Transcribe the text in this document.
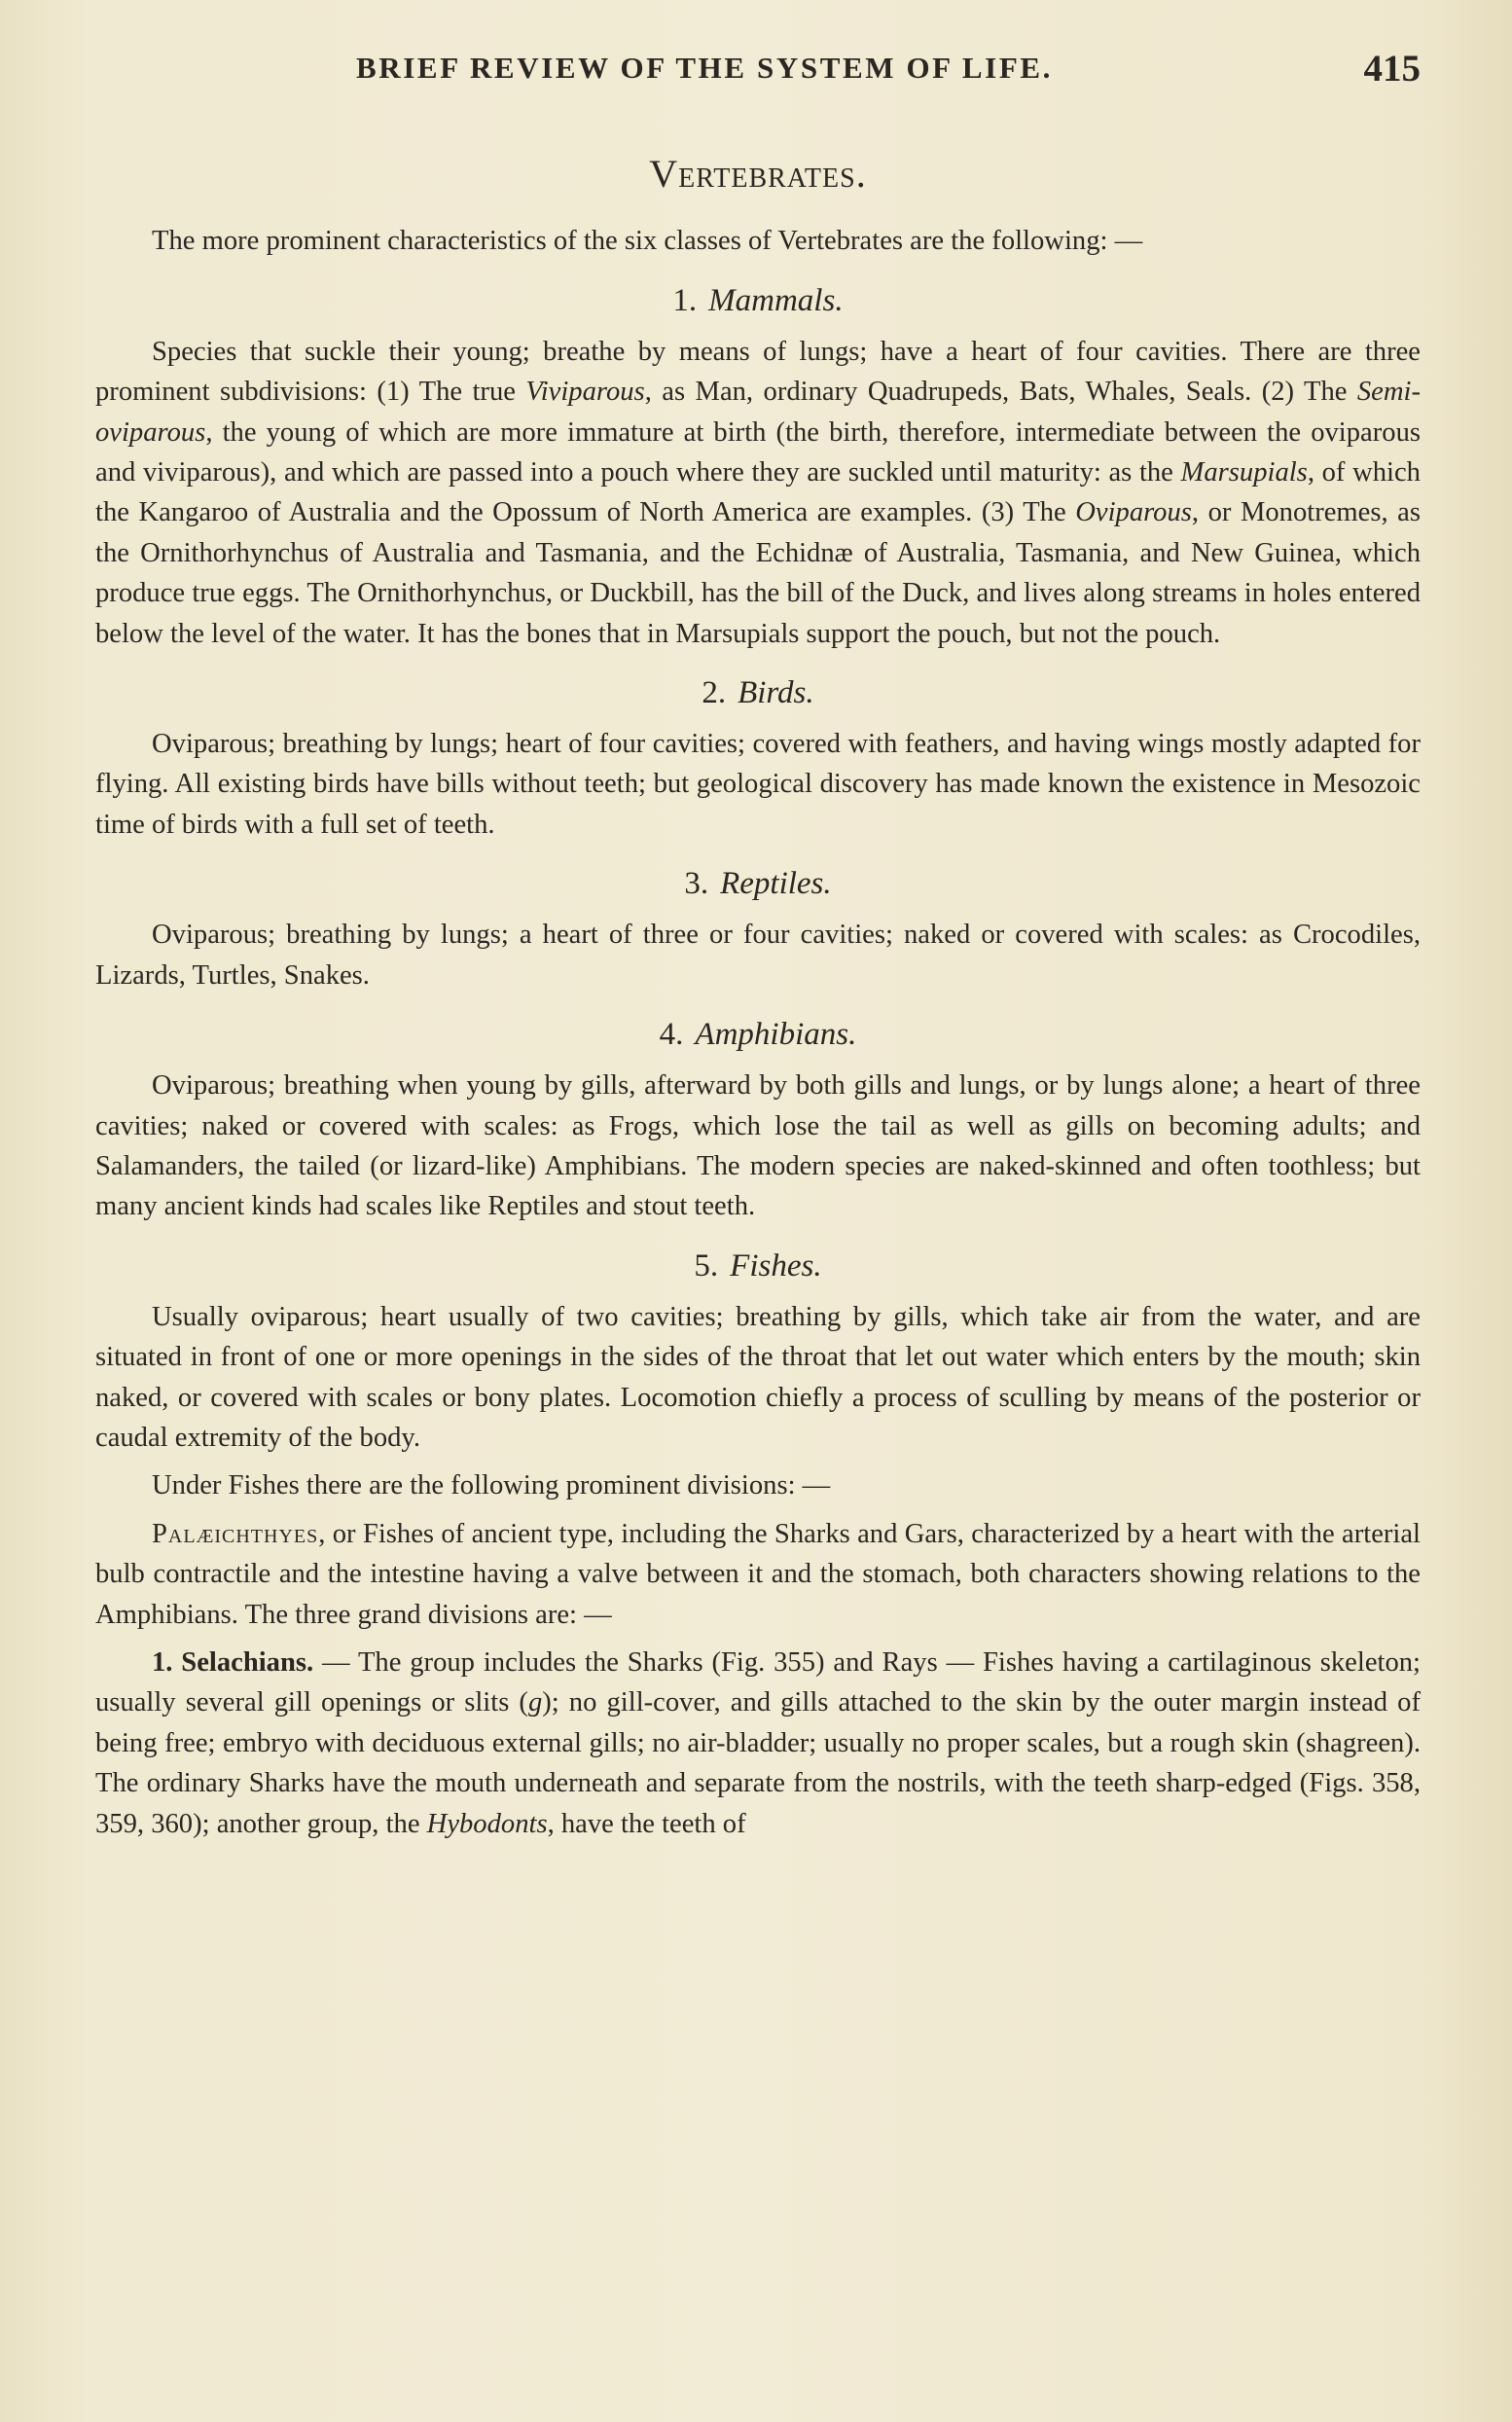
BRIEF REVIEW OF THE SYSTEM OF LIFE.	415
Vertebrates.

The more prominent characteristics of the six classes of Vertebrates are the following: —

1. Mammals.

Species that suckle their young; breathe by means of lungs; have a heart of four cavities. There are three prominent subdivisions: (1) The true Viviparous, as Man, ordinary Quadrupeds, Bats, Whales, Seals. (2) The Semi-oviparous, the young of which are more immature at birth (the birth, therefore, intermediate between the oviparous and viviparous), and which are passed into a pouch where they are suckled until maturity: as the Marsupials, of which the Kangaroo of Australia and the Opossum of North America are examples. (3) The Oviparous, or Monotremes, as the Ornithorhynchus of Australia and Tasmania, and the Echidnæ of Australia, Tasmania, and New Guinea, which produce true eggs. The Ornithorhynchus, or Duckbill, has the bill of the Duck, and lives along streams in holes entered below the level of the water. It has the bones that in Marsupials support the pouch, but not the pouch.

2. Birds.

Oviparous; breathing by lungs; heart of four cavities; covered with feathers, and having wings mostly adapted for flying. All existing birds have bills without teeth; but geological discovery has made known the existence in Mesozoic time of birds with a full set of teeth.

3. Reptiles.

Oviparous; breathing by lungs; a heart of three or four cavities; naked or covered with scales: as Crocodiles, Lizards, Turtles, Snakes.

4. Amphibians.

Oviparous; breathing when young by gills, afterward by both gills and lungs, or by lungs alone; a heart of three cavities; naked or covered with scales: as Frogs, which lose the tail as well as gills on becoming adults; and Salamanders, the tailed (or lizard-like) Amphibians. The modern species are naked-skinned and often toothless; but many ancient kinds had scales like Reptiles and stout teeth.

5. Fishes.

Usually oviparous; heart usually of two cavities; breathing by gills, which take air from the water, and are situated in front of one or more openings in the sides of the throat that let out water which enters by the mouth; skin naked, or covered with scales or bony plates. Locomotion chiefly a process of sculling by means of the posterior or caudal extremity of the body.

Under Fishes there are the following prominent divisions: —

Palæichthyes, or Fishes of ancient type, including the Sharks and Gars, characterized by a heart with the arterial bulb contractile and the intestine having a valve between it and the stomach, both characters showing relations to the Amphibians. The three grand divisions are: —

1. Selachians. — The group includes the Sharks (Fig. 355) and Rays — Fishes having a cartilaginous skeleton; usually several gill openings or slits (g); no gill-cover, and gills attached to the skin by the outer margin instead of being free; embryo with deciduous external gills; no air-bladder; usually no proper scales, but a rough skin (shagreen). The ordinary Sharks have the mouth underneath and separate from the nostrils, with the teeth sharp-edged (Figs. 358, 359, 360); another group, the Hybodonts, have the teeth of
